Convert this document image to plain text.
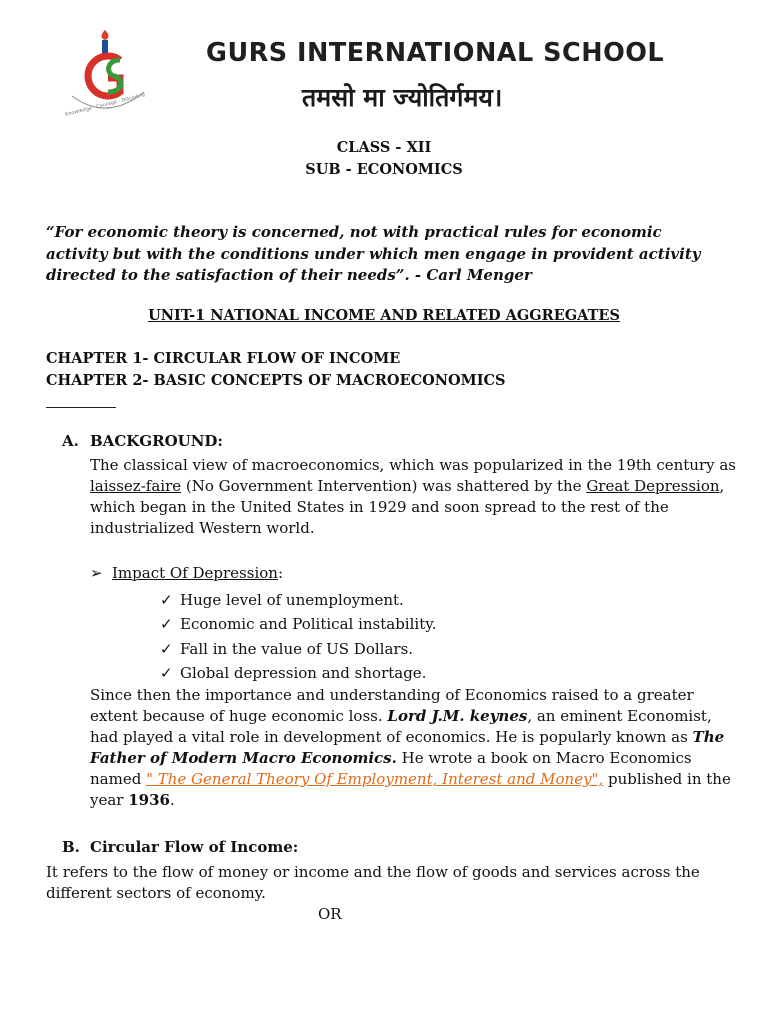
Knowledge · Courage · Discipline
GURS INTERNATIONAL SCHOOL
तमसो मा ज्योतिर्गमय।
CLASS - XII
SUB - ECONOMICS
“For economic theory is concerned, not with practical rules for economic activity but with the conditions under which men engage in provident activity directed to the satisfaction of their needs”. - Carl Menger
UNIT-1 NATIONAL INCOME AND RELATED AGGREGATES
CHAPTER 1- CIRCULAR FLOW OF INCOME
CHAPTER 2- BASIC CONCEPTS OF MACROECONOMICS
A. BACKGROUND:
The classical view of macroeconomics, which was popularized in the 19th century as laissez-faire (No Government Intervention) was shattered by the Great Depression, which began in the United States in 1929 and soon spread to the rest of the industrialized Western world.
➢ Impact Of Depression:
✓ Huge level of unemployment.
✓ Economic and Political instability.
✓ Fall in the value of US Dollars.
✓ Global depression and shortage.
Since then the importance and understanding of Economics raised to a greater extent because of huge economic loss. Lord J.M. keynes, an eminent Economist, had played a vital role in development of economics. He is popularly known as The Father of Modern Macro Economics. He wrote a book on Macro Economics named " The General Theory Of Employment, Interest and Money", published in the year 1936.
B. Circular Flow of Income:
It refers to the flow of money or income and the flow of goods and services across the different sectors of economy.
OR
